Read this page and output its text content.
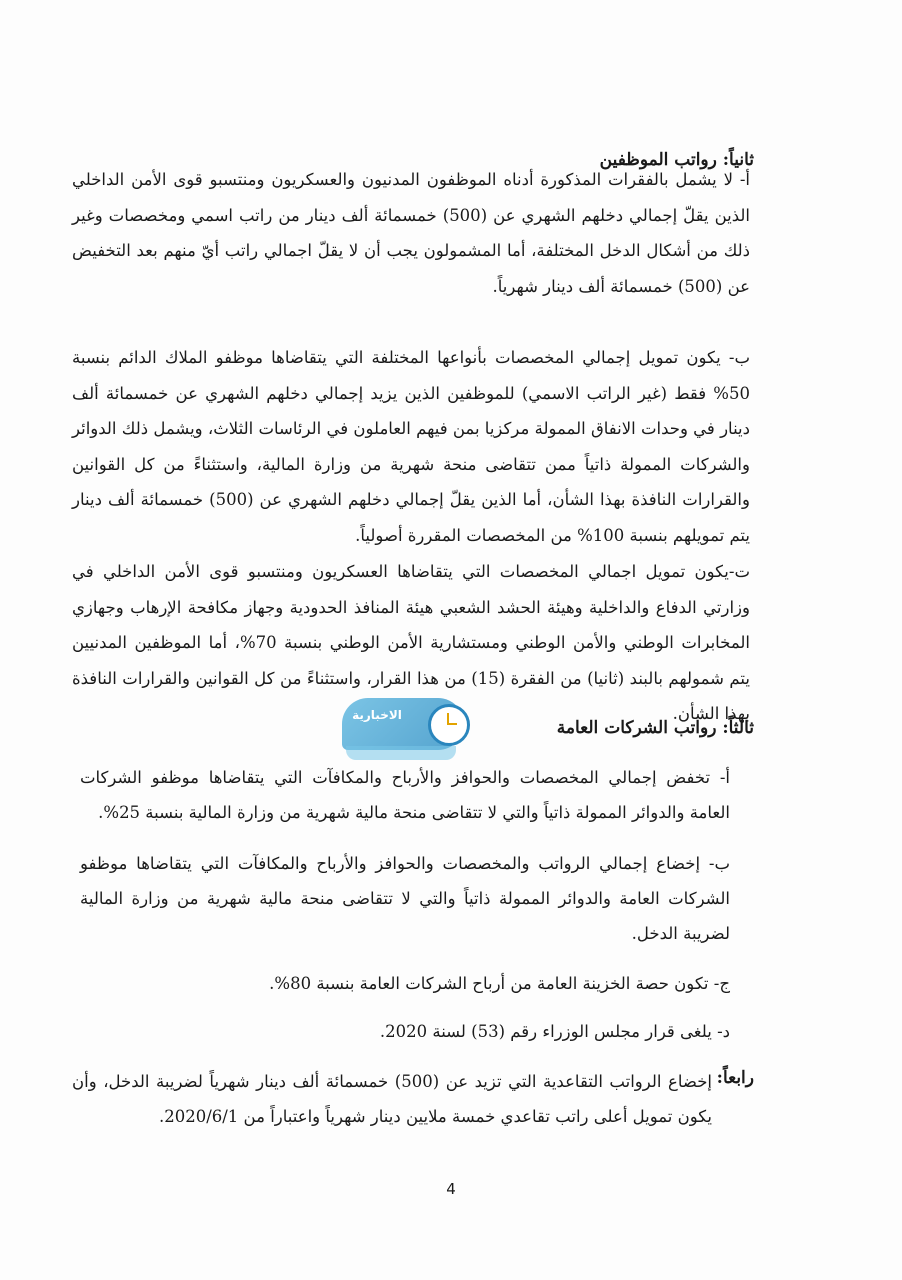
ثانياً: رواتب الموظفين
أ- لا يشمل بالفقرات المذكورة أدناه الموظفون المدنيون والعسكريون ومنتسبو قوى الأمن الداخلي الذين يقلّ إجمالي دخلهم الشهري عن (500) خمسمائة ألف دينار من راتب اسمي ومخصصات وغير ذلك من أشكال الدخل المختلفة، أما المشمولون يجب أن لا يقلّ اجمالي راتب أيّ منهم بعد التخفيض عن (500) خمسمائة ألف دينار شهرياً.
ب- يكون تمويل إجمالي المخصصات بأنواعها المختلفة التي يتقاضاها موظفو الملاك الدائم بنسبة 50% فقط (غير الراتب الاسمي) للموظفين الذين يزيد إجمالي دخلهم الشهري عن خمسمائة ألف دينار في وحدات الانفاق الممولة مركزيا بمن فيهم العاملون في الرئاسات الثلاث، ويشمل ذلك الدوائر والشركات الممولة ذاتياً ممن تتقاضى منحة شهرية من وزارة المالية، واستثناءً من كل القوانين والقرارات النافذة بهذا الشأن، أما الذين يقلّ إجمالي دخلهم الشهري عن (500) خمسمائة ألف دينار يتم تمويلهم بنسبة 100% من المخصصات المقررة أصولياً.
ت-يكون تمويل اجمالي المخصصات التي يتقاضاها العسكريون ومنتسبو قوى الأمن الداخلي في وزارتي الدفاع والداخلية وهيئة الحشد الشعبي هيئة المنافذ الحدودية وجهاز مكافحة الإرهاب وجهازي المخابرات الوطني والأمن الوطني ومستشارية الأمن الوطني بنسبة 70%، أما الموظفين المدنيين يتم شمولهم بالبند (ثانيا) من الفقرة (15) من هذا القرار، واستثناءً من كل القوانين والقرارات النافذة بهذا الشأن.
الاخبارية
ثالثاً: رواتب الشركات العامة
أ- تخفض إجمالي المخصصات والحوافز والأرباح والمكافآت التي يتقاضاها موظفو الشركات العامة والدوائر الممولة ذاتياً والتي لا تتقاضى منحة مالية شهرية من وزارة المالية بنسبة 25%.
ب- إخضاع إجمالي الرواتب والمخصصات والحوافز والأرباح والمكافآت التي يتقاضاها موظفو الشركات العامة والدوائر الممولة ذاتياً والتي لا تتقاضى منحة مالية شهرية من وزارة المالية لضريبة الدخل.
ج- تكون حصة الخزينة العامة من أرباح الشركات العامة بنسبة 80%.
د- يلغى قرار مجلس الوزراء رقم (53) لسنة 2020.
رابعاً:
إخضاع الرواتب التقاعدية التي تزيد عن (500) خمسمائة ألف دينار شهرياً لضريبة الدخل، وأن يكون تمويل أعلى راتب تقاعدي خمسة ملايين دينار شهرياً واعتباراً من 2020/6/1.
4
